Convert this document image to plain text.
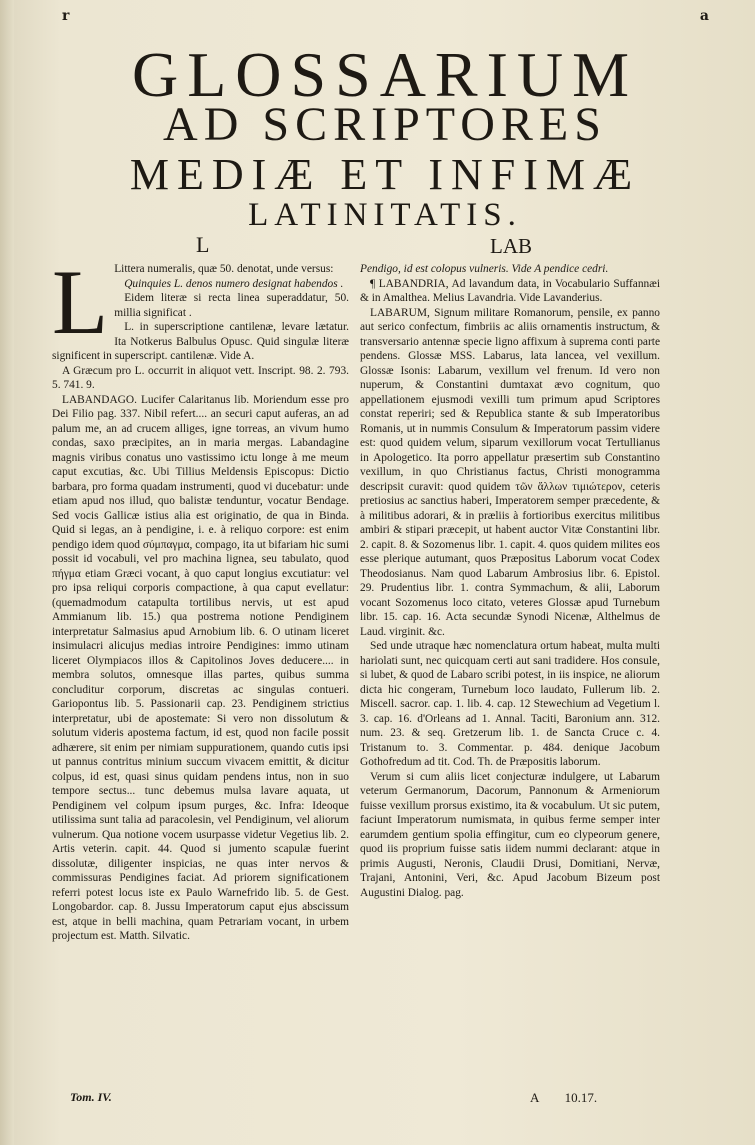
r	a
GLOSSARIUM
AD SCRIPTORES
MEDIÆ ET INFIMÆ
LATINITATIS.
L	LAB
L Littera numeralis, quæ 50. denotat, unde versus:

Quinquies L. denos numero designat habendos .

Eidem literæ si recta linea superaddatur, 50. millia significat .

L. in superscriptione cantilenæ, levare lætatur. Ita Notkerus Balbulus Opusc. Quid singulæ literæ significent in superscript. cantilenæ. Vide A.

A Græcum pro L. occurrit in aliquot vett. Inscript. 98. 2. 793. 5. 741. 9.

LABANDAGO. Lucifer Calaritanus lib. Moriendum esse pro Dei Filio pag. 337. Nibil refert.... an securi caput auferas, an ad palum me, an ad crucem alliges, igne torreas, an vivum humo condas, saxo præcipites, an in maria mergas. Labandagine magnis viribus conatus uno vastissimo ictu longe à me meum caput excutias, &c. Ubi Tillius Meldensis Episcopus: Dictio barbara, pro forma quadam instrumenti, quod vi ducebatur: unde etiam apud nos illud, quo balistæ tenduntur, vocatur Bendage. Sed vocis Gallicæ istius alia est originatio, de qua in Binda. Quid si legas, an à pendigine, i. e. à reliquo corpore: est enim pendigo idem quod σύμπαγμα, compago, ita ut bifariam hic sumi possit id vocabuli, vel pro machina lignea, seu tabulato, quod πήγμα etiam Græci vocant, à quo caput longius excutiatur: vel pro ipsa reliqui corporis compactione, à qua caput evellatur: (quemadmodum catapulta tortilibus nervis, ut est apud Ammianum lib. 15.) qua postrema notione Pendiginem interpretatur Salmasius apud Arnobium lib. 6. O utinam liceret insimulacri alicujus medias introire Pendigines: immo utinam liceret Olympiacos illos & Capitolinos Joves deducere.... in membra solutos, omnesque illas partes, quibus summa concluditur corporum, discretas ac singulas contueri. Gariopontus lib. 5. Passionarii cap. 23. Pendiginem strictius interpretatur, ubi de apostemate: Si vero non dissolutum & solutum videris apostema factum, id est, quod non facile possit adhærere, sit enim per nimiam suppurationem, quando cutis ipsi ut pannus contritus minium succum vivacem emittit, & dicitur colpus, id est, quasi sinus quidam pendens intus, non in suo tempore sectus... tunc debemus mulsa lavare aquata, ut Pendiginem vel colpum ipsum purges, &c. Infra: Ideoque utilissima sunt talia ad paracolesin, vel Pendiginum, vel aliorum vulnerum. Qua notione vocem usurpasse videtur Vegetius lib. 2. Artis veterin. capit. 44. Quod si jumento scapulæ fuerint dissolutæ, diligenter inspicias, ne quas inter nervos & commissuras Pendigines faciat. Ad priorem significationem referri potest locus iste ex Paulo Warnefrido lib. 5. de Gest. Longobardor. cap. 8. Jussu Imperatorum caput ejus abscissum est, atque in belli machina, quam Petrariam vocant, in urbem projectum est. Matth. Silvatic.

Pendigo, id est colopus vulneris. Vide A pendice cedri.

¶ LABANDRIA, Ad lavandum data, in Vocabulario Suffannæi & in Amalthea. Melius Lavandria. Vide Lavanderius.

LABARUM, Signum militare Romanorum, pensile, ex panno aut serico confectum, fimbriis ac aliis ornamentis instructum, & transversario antennæ specie ligno affixum à suprema conti parte pendens. Glossæ MSS. Labarus, lata lancea, vel vexillum. Glossæ Isonis: Labarum, vexillum vel frenum. Id vero non nuperum, & Constantini dumtaxat ævo cognitum, quo appellationem ejusmodi vexilli tum primum apud Scriptores constat reperiri; sed & Republica stante & sub Imperatoribus Romanis, ut in nummis Consulum & Imperatorum passim videre est: quod quidem velum, siparum vexillorum vocat Tertullianus in Apologetico. Ita porro appellatur præsertim sub Constantino vexillum, in quo Christianus factus, Christi monogramma descripsit curavit: quod quidem τῶν ἄλλων τιμιώτερον, ceteris pretiosius ac sanctius haberi, Imperatorem semper præcedente, & à militibus adorari, & in præliis à fortioribus exercitus militibus ambiri & stipari præcepit, ut habent auctor Vitæ Constantini libr. 2. capit. 8. & Sozomenus libr. 1. capit. 4. quos quidem milites eos esse plerique autumant, quos Præpositus Laborum vocat Codex Theodosianus. Nam quod Labarum Ambrosius libr. 6. Epistol. 29. Prudentius libr. 1. contra Symmachum, & alii, Laborum vocant Sozomenus loco citato, veteres Glossæ apud Turnebum libr. 15. cap. 16. Acta secundæ Synodi Nicenæ, Althelmus de Laud. virginit. &c.

Sed unde utraque hæc nomenclatura ortum habeat, multa multi hariolati sunt, nec quicquam certi aut sani tradidere. Hos consule, si lubet, & quod de Labaro scribi potest, in iis inspice, ne aliorum dicta hic congeram, Turnebum loco laudato, Fullerum lib. 2. Miscell. sacror. cap. 1. lib. 4. cap. 12 Stewechium ad Vegetium l. 3. cap. 16. d'Orleans ad 1. Annal. Taciti, Baronium ann. 312. num. 23. & seq. Gretzerum lib. 1. de Sancta Cruce c. 4. Tristanum to. 3. Commentar. p. 484. denique Jacobum Gothofredum ad tit. Cod. Th. de Præpositis laborum.

Verum si cum aliis licet conjecturæ indulgere, ut Labarum veterum Germanorum, Dacorum, Pannonum & Armeniorum fuisse vexillum prorsus existimo, ita & vocabulum. Ut sic putem, faciunt Imperatorum numismata, in quibus ferme semper inter earumdem gentium spolia effingitur, cum eo clypeorum genere, quod iis proprium fuisse satis iidem nummi declarant: atque in primis Augusti, Neronis, Claudii Drusi, Domitiani, Nervæ, Trajani, Antonini, Veri, &c. Apud Jacobum Bizeum post Augustini Dialog. pag.

Tom. IV.	A        10.17.
